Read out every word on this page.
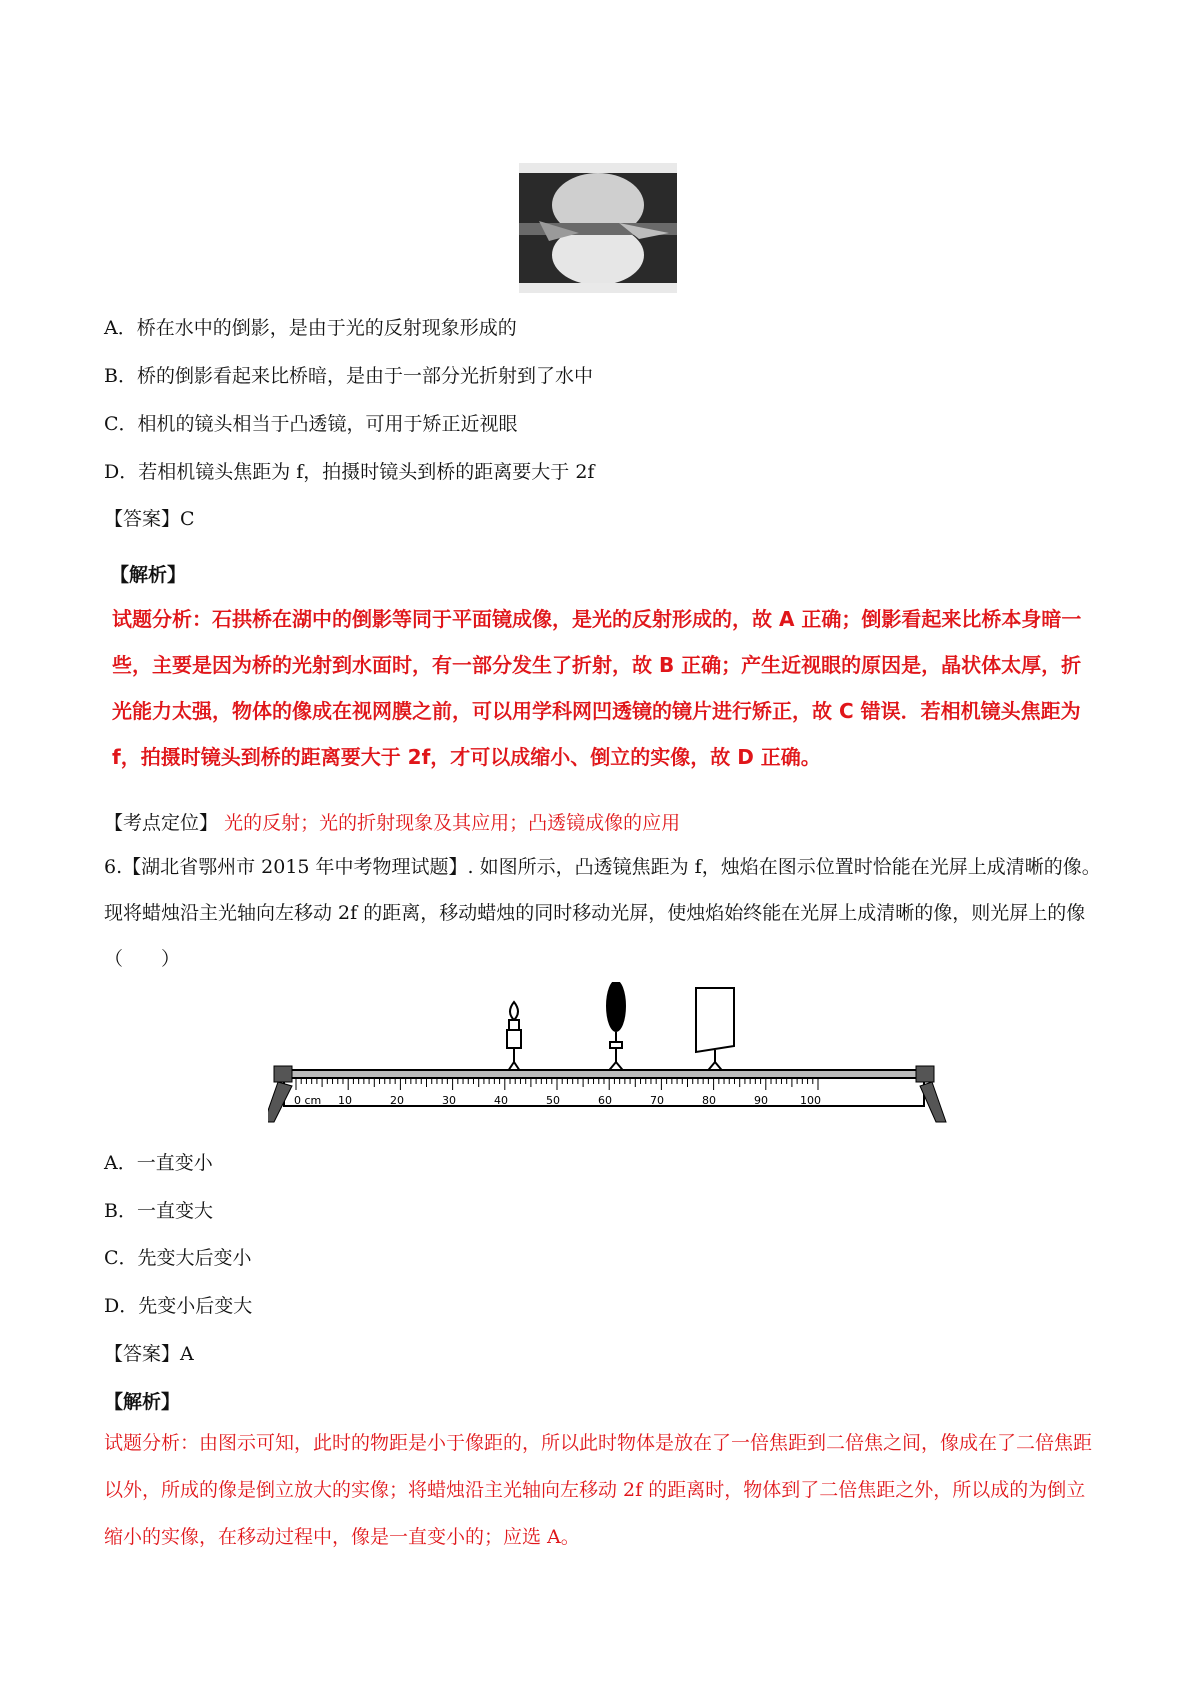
A．桥在水中的倒影，是由于光的反射现象形成的
B．桥的倒影看起来比桥暗，是由于一部分光折射到了水中
C．相机的镜头相当于凸透镜，可用于矫正近视眼
D．若相机镜头焦距为 f，拍摄时镜头到桥的距离要大于 2f
【答案】C
【解析】
试题分析：石拱桥在湖中的倒影等同于平面镜成像，是光的反射形成的，故 A 正确；倒影看起来比桥本身暗一些，主要是因为桥的光射到水面时，有一部分发生了折射，故 B 正确；产生近视眼的原因是，晶状体太厚，折光能力太强，物体的像成在视网膜之前，可以用学科网凹透镜的镜片进行矫正，故 C 错误．若相机镜头焦距为 f，拍摄时镜头到桥的距离要大于 2f，才可以成缩小、倒立的实像，故 D 正确。
【考点定位】 光的反射；光的折射现象及其应用；凸透镜成像的应用
6.【湖北省鄂州市 2015 年中考物理试题】. 如图所示，凸透镜焦距为 f，烛焰在图示位置时恰能在光屏上成清晰的像。现将蜡烛沿主光轴向左移动 2f 的距离，移动蜡烛的同时移动光屏，使烛焰始终能在光屏上成清晰的像，则光屏上的像（　　）
0 cm 10	20	30	40	50	60	70	80	90	100
A．一直变小
B．一直变大
C．先变大后变小
D．先变小后变大
【答案】A
【解析】
试题分析：由图示可知，此时的物距是小于像距的，所以此时物体是放在了一倍焦距到二倍焦之间，像成在了二倍焦距以外，所成的像是倒立放大的实像；将蜡烛沿主光轴向左移动 2f 的距离时，物体到了二倍焦距之外，所以成的为倒立缩小的实像，在移动过程中，像是一直变小的；应选 A。
